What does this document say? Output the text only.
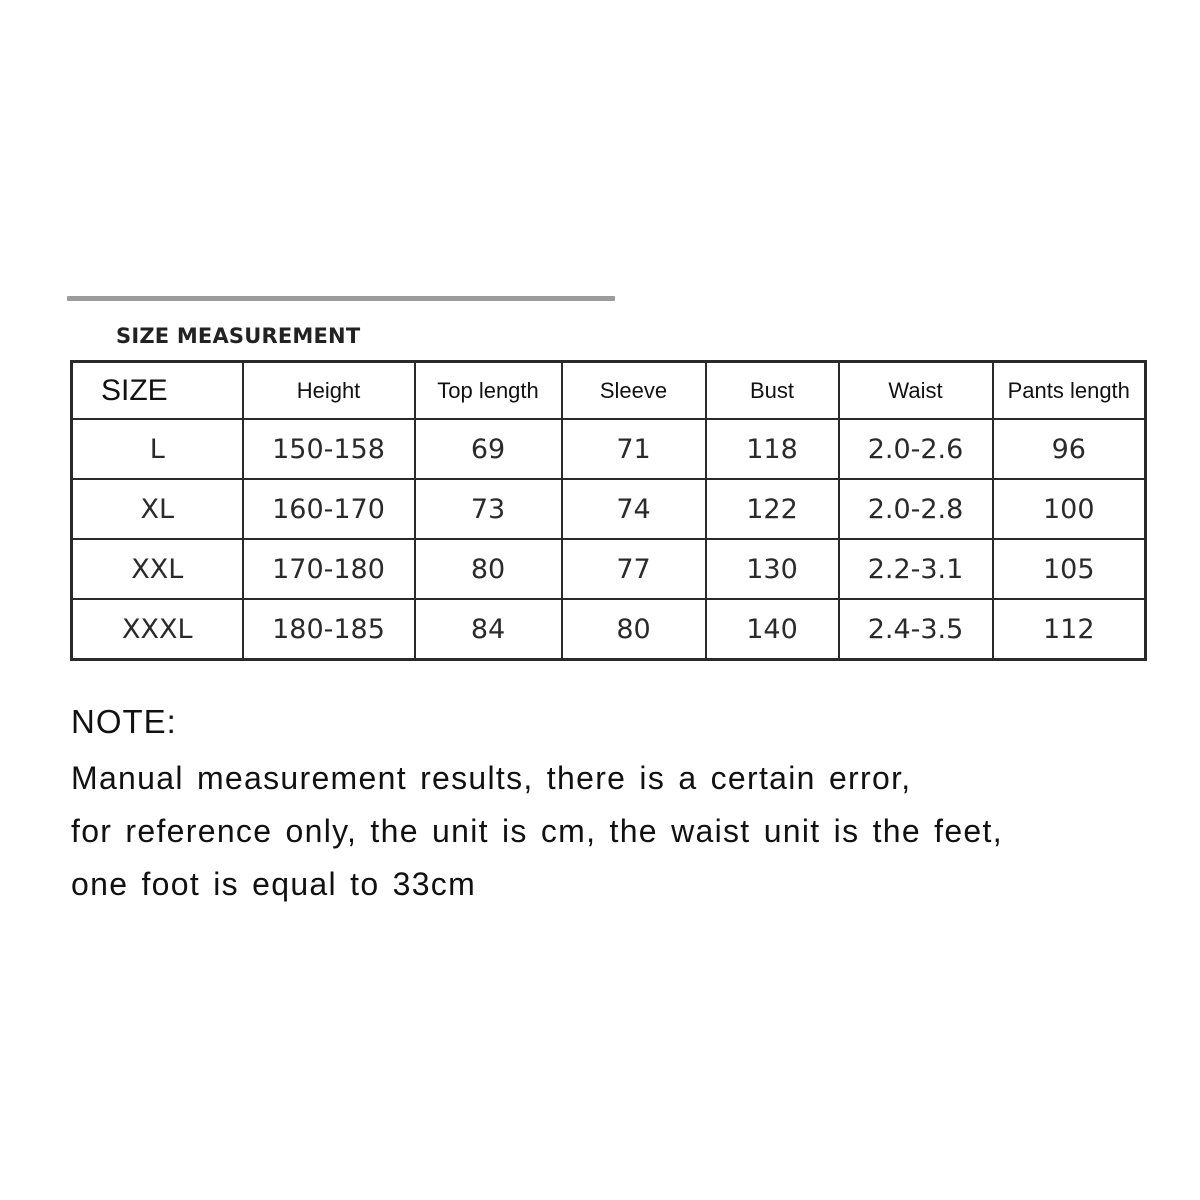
SIZE MEASUREMENT
SIZE	Height	Top length	Sleeve	Bust	Waist	Pants length
L	150-158	69	71	118	2.0-2.6	96
XL	160-170	73	74	122	2.0-2.8	100
XXL	170-180	80	77	130	2.2-3.1	105
XXXL	180-185	84	80	140	2.4-3.5	112

NOTE:

Manual measurement results, there is a certain error,

for reference only, the unit is cm, the waist unit is the feet,

one foot is equal to 33cm
